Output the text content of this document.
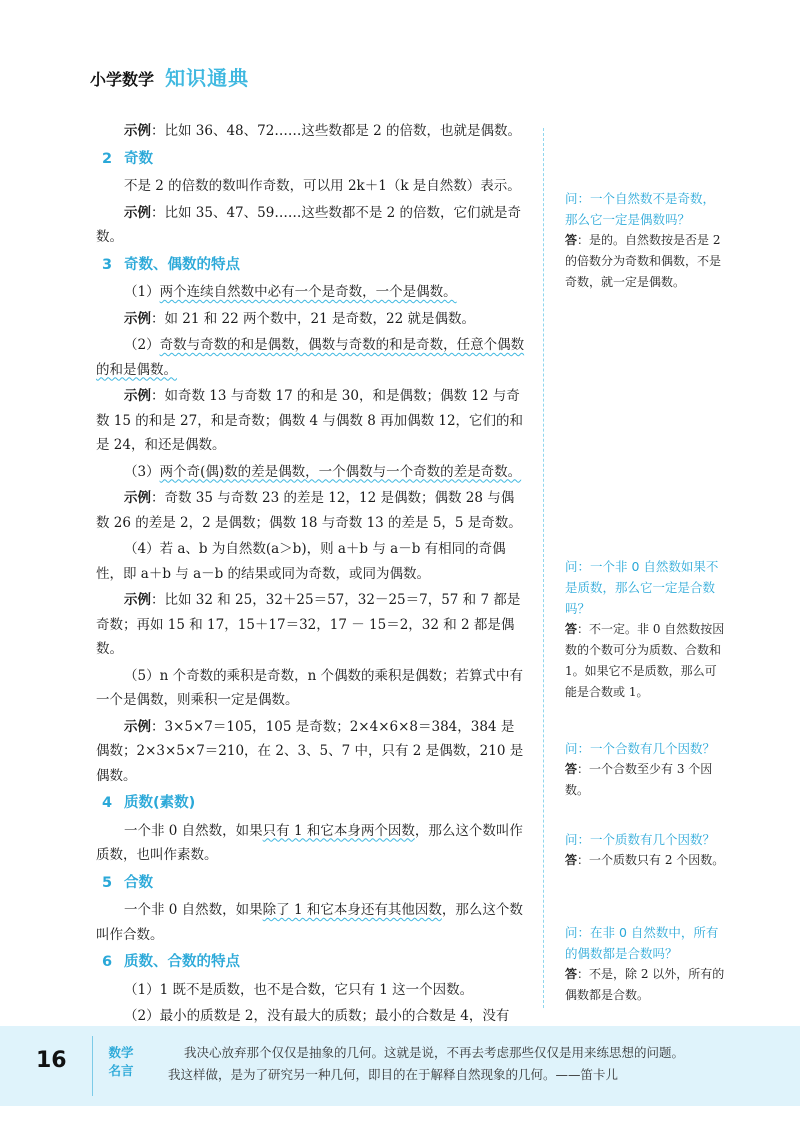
小学数学 知识通典

示例：比如 36、48、72……这些数都是 2 的倍数，也就是偶数。

2 奇数

不是 2 的倍数的数叫作奇数，可以用 2k＋1（k 是自然数）表示。

示例：比如 35、47、59……这些数都不是 2 的倍数，它们就是奇数。

3 奇数、偶数的特点

（1）两个连续自然数中必有一个是奇数，一个是偶数。

示例：如 21 和 22 两个数中，21 是奇数，22 就是偶数。

（2）奇数与奇数的和是偶数，偶数与奇数的和是奇数，任意个偶数的和是偶数。

示例：如奇数 13 与奇数 17 的和是 30，和是偶数；偶数 12 与奇数 15 的和是 27，和是奇数；偶数 4 与偶数 8 再加偶数 12，它们的和是 24，和还是偶数。

（3）两个奇(偶)数的差是偶数，一个偶数与一个奇数的差是奇数。

示例：奇数 35 与奇数 23 的差是 12，12 是偶数；偶数 28 与偶数 26 的差是 2，2 是偶数；偶数 18 与奇数 13 的差是 5，5 是奇数。

（4）若 a、b 为自然数(a＞b)，则 a＋b 与 a－b 有相同的奇偶性，即 a＋b 与 a－b 的结果或同为奇数，或同为偶数。

示例：比如 32 和 25，32＋25＝57，32－25＝7，57 和 7 都是奇数；再如 15 和 17，15＋17＝32，17 － 15＝2，32 和 2 都是偶数。

（5）n 个奇数的乘积是奇数，n 个偶数的乘积是偶数；若算式中有一个是偶数，则乘积一定是偶数。

示例：3×5×7＝105，105 是奇数；2×4×6×8＝384，384 是偶数；2×3×5×7＝210，在 2、3、5、7 中，只有 2 是偶数，210 是偶数。

4 质数(素数)

一个非 0 自然数，如果只有 1 和它本身两个因数，那么这个数叫作质数，也叫作素数。

5 合数

一个非 0 自然数，如果除了 1 和它本身还有其他因数，那么这个数叫作合数。

6 质数、合数的特点

（1）1 既不是质数，也不是合数，它只有 1 这一个因数。

（2）最小的质数是 2，没有最大的质数；最小的合数是 4，没有

问：一个自然数不是奇数，那么它一定是偶数吗？

答：是的。自然数按是否是 2 的倍数分为奇数和偶数，不是奇数，就一定是偶数。

问：一个非 0 自然数如果不是质数，那么它一定是合数吗？

答：不一定。非 0 自然数按因数的个数可分为质数、合数和 1。如果它不是质数，那么可能是合数或 1。

问：一个合数有几个因数？

答：一个合数至少有 3 个因数。

问：一个质数有几个因数？

答：一个质数只有 2 个因数。

问：在非 0 自然数中，所有的偶数都是合数吗？

答：不是，除 2 以外，所有的偶数都是合数。

16	数学名言
我决心放弃那个仅仅是抽象的几何。这就是说，不再去考虑那些仅仅是用来练思想的问题。
我这样做，是为了研究另一种几何，即目的在于解释自然现象的几何。——笛卡儿
